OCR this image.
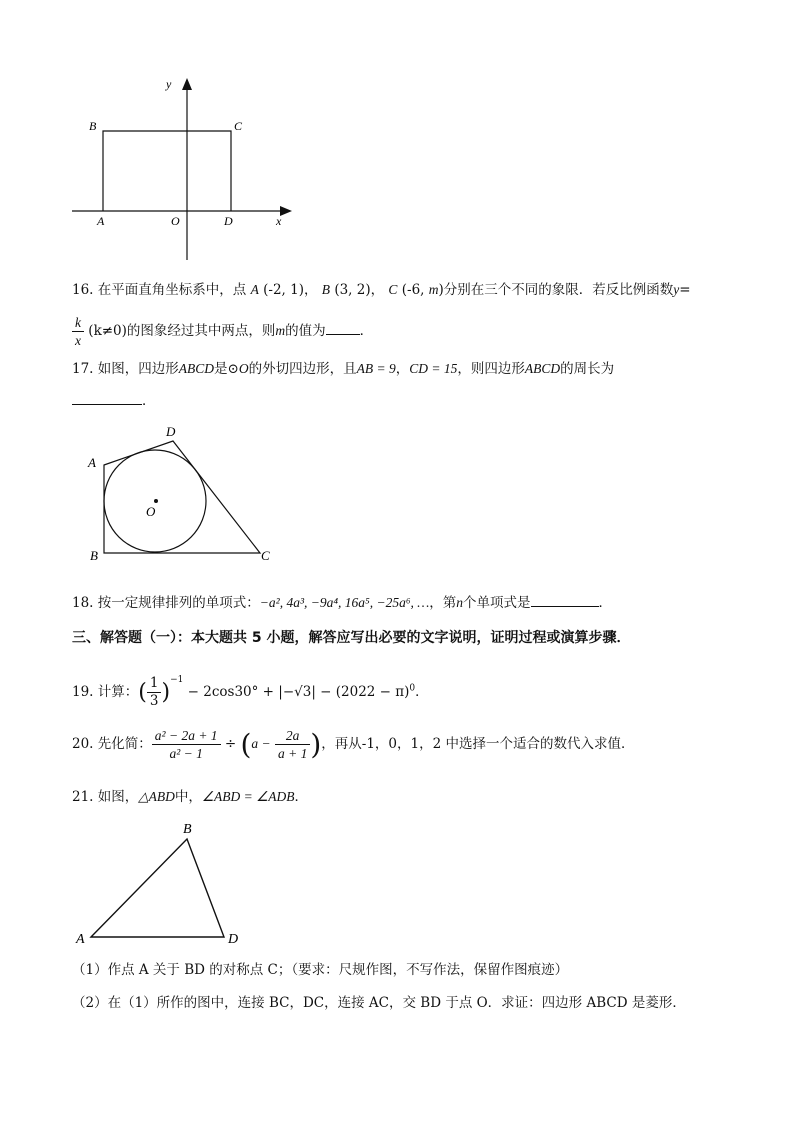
y
B	C
A	O	D	x
16. 在平面直角坐标系中，点 A (-2, 1)， B (3, 2)， C (-6, m)分别在三个不同的象限．若反比例函数y=
$\frac{k}{x} (k\ne 0)$的图象经过其中两点，则m的值为	．
17. 如图，四边形ABCD是⊙O的外切四边形，且AB = 9，CD = 15，则四边形ABCD的周长为
．
A
D
O
B	C
18. 按一定规律排列的单项式：−a², 4a³, −9a⁴, 16a⁵, −25a⁶, …，第n个单项式是	．
三、解答题（一）：本大题共 5 小题，解答应写出必要的文字说明，证明过程或演算步骤．
19. 计算：( $\frac{1}{3} )^{-1} - 2\cos 30^\circ + |-√3| - (2022 - \pi)^0$．
20. 先化简： $\frac{\text{a² − 2a + 1}}{\text{a² − 1}} \div (a - \frac{2a}{a + 1}$ )，再从-1，0，1，2 中选择一个适合的数代入求值．
21. 如图，△ABD中，∠ABD = ∠ADB．
B
A	D
（1）作点 A 关于 BD 的对称点 C；（要求：尺规作图，不写作法，保留作图痕迹）
（2）在（1）所作的图中，连接 BC，DC，连接 AC，交 BD 于点 O．求证：四边形 ABCD 是菱形．
